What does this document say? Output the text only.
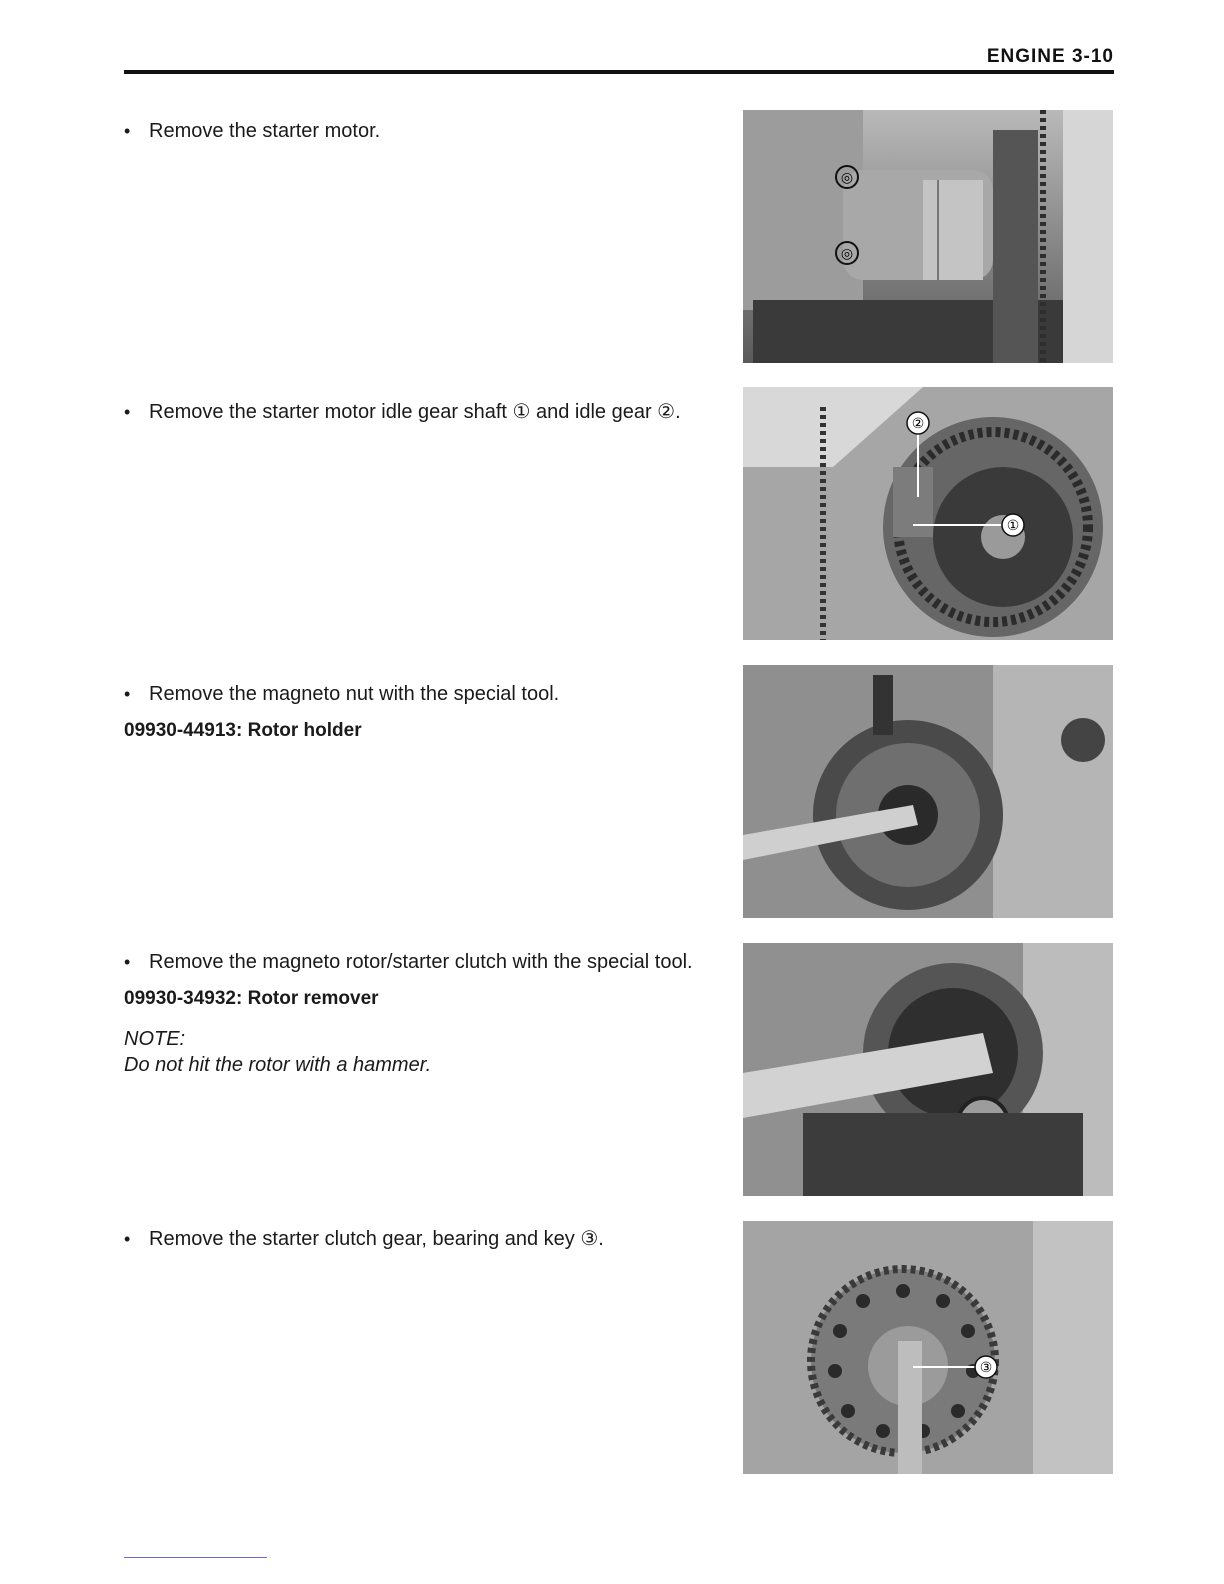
ENGINE 3-10
• Remove the starter motor.
• Remove the starter motor idle gear shaft ① and idle gear ②.
• Remove the magneto nut with the special tool.
09930-44913: Rotor holder
• Remove the magneto rotor/starter clutch with the special tool.
09930-34932: Rotor remover
NOTE:
Do not hit the rotor with a hammer.
• Remove the starter clutch gear, bearing and key ③.
◎
◎
②
①
③
